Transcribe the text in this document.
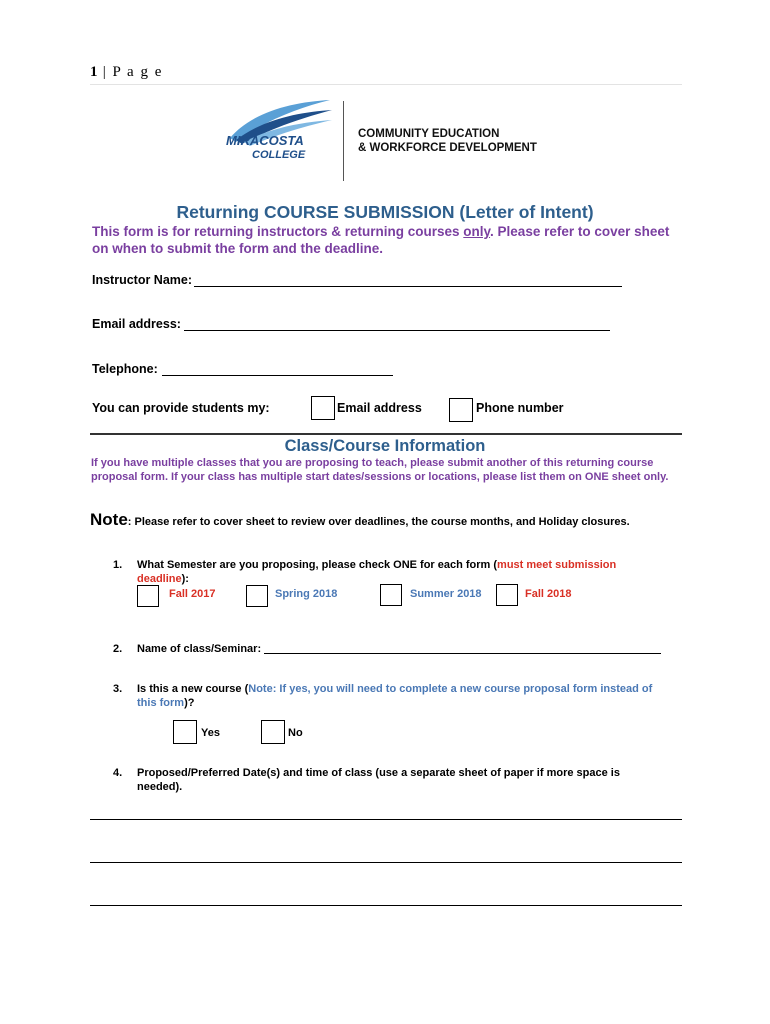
1 | P a g e
MIRACOSTA
COLLEGE
COMMUNITY EDUCATION
& WORKFORCE DEVELOPMENT
Returning COURSE SUBMISSION (Letter of Intent)
This form is for returning instructors & returning courses only. Please refer to cover sheet on when to submit the form and the deadline.
Instructor Name:
Email address:
Telephone:
You can provide students my:	Email address	Phone number
Class/Course Information
If you have multiple classes that you are proposing to teach, please submit another of this returning course proposal form. If your class has multiple start dates/sessions or locations, please list them on ONE sheet only.
Note: Please refer to cover sheet to review over deadlines, the course months, and Holiday closures.
1. What Semester are you proposing, please check ONE for each form (must meet submission
deadline):
Fall 2017	Spring 2018	Summer 2018	Fall 2018
2. Name of class/Seminar:
3. Is this a new course (Note: If yes, you will need to complete a new course proposal form instead of
this form)?
Yes	No
4. Proposed/Preferred Date(s) and time of class (use a separate sheet of paper if more space is
needed).
